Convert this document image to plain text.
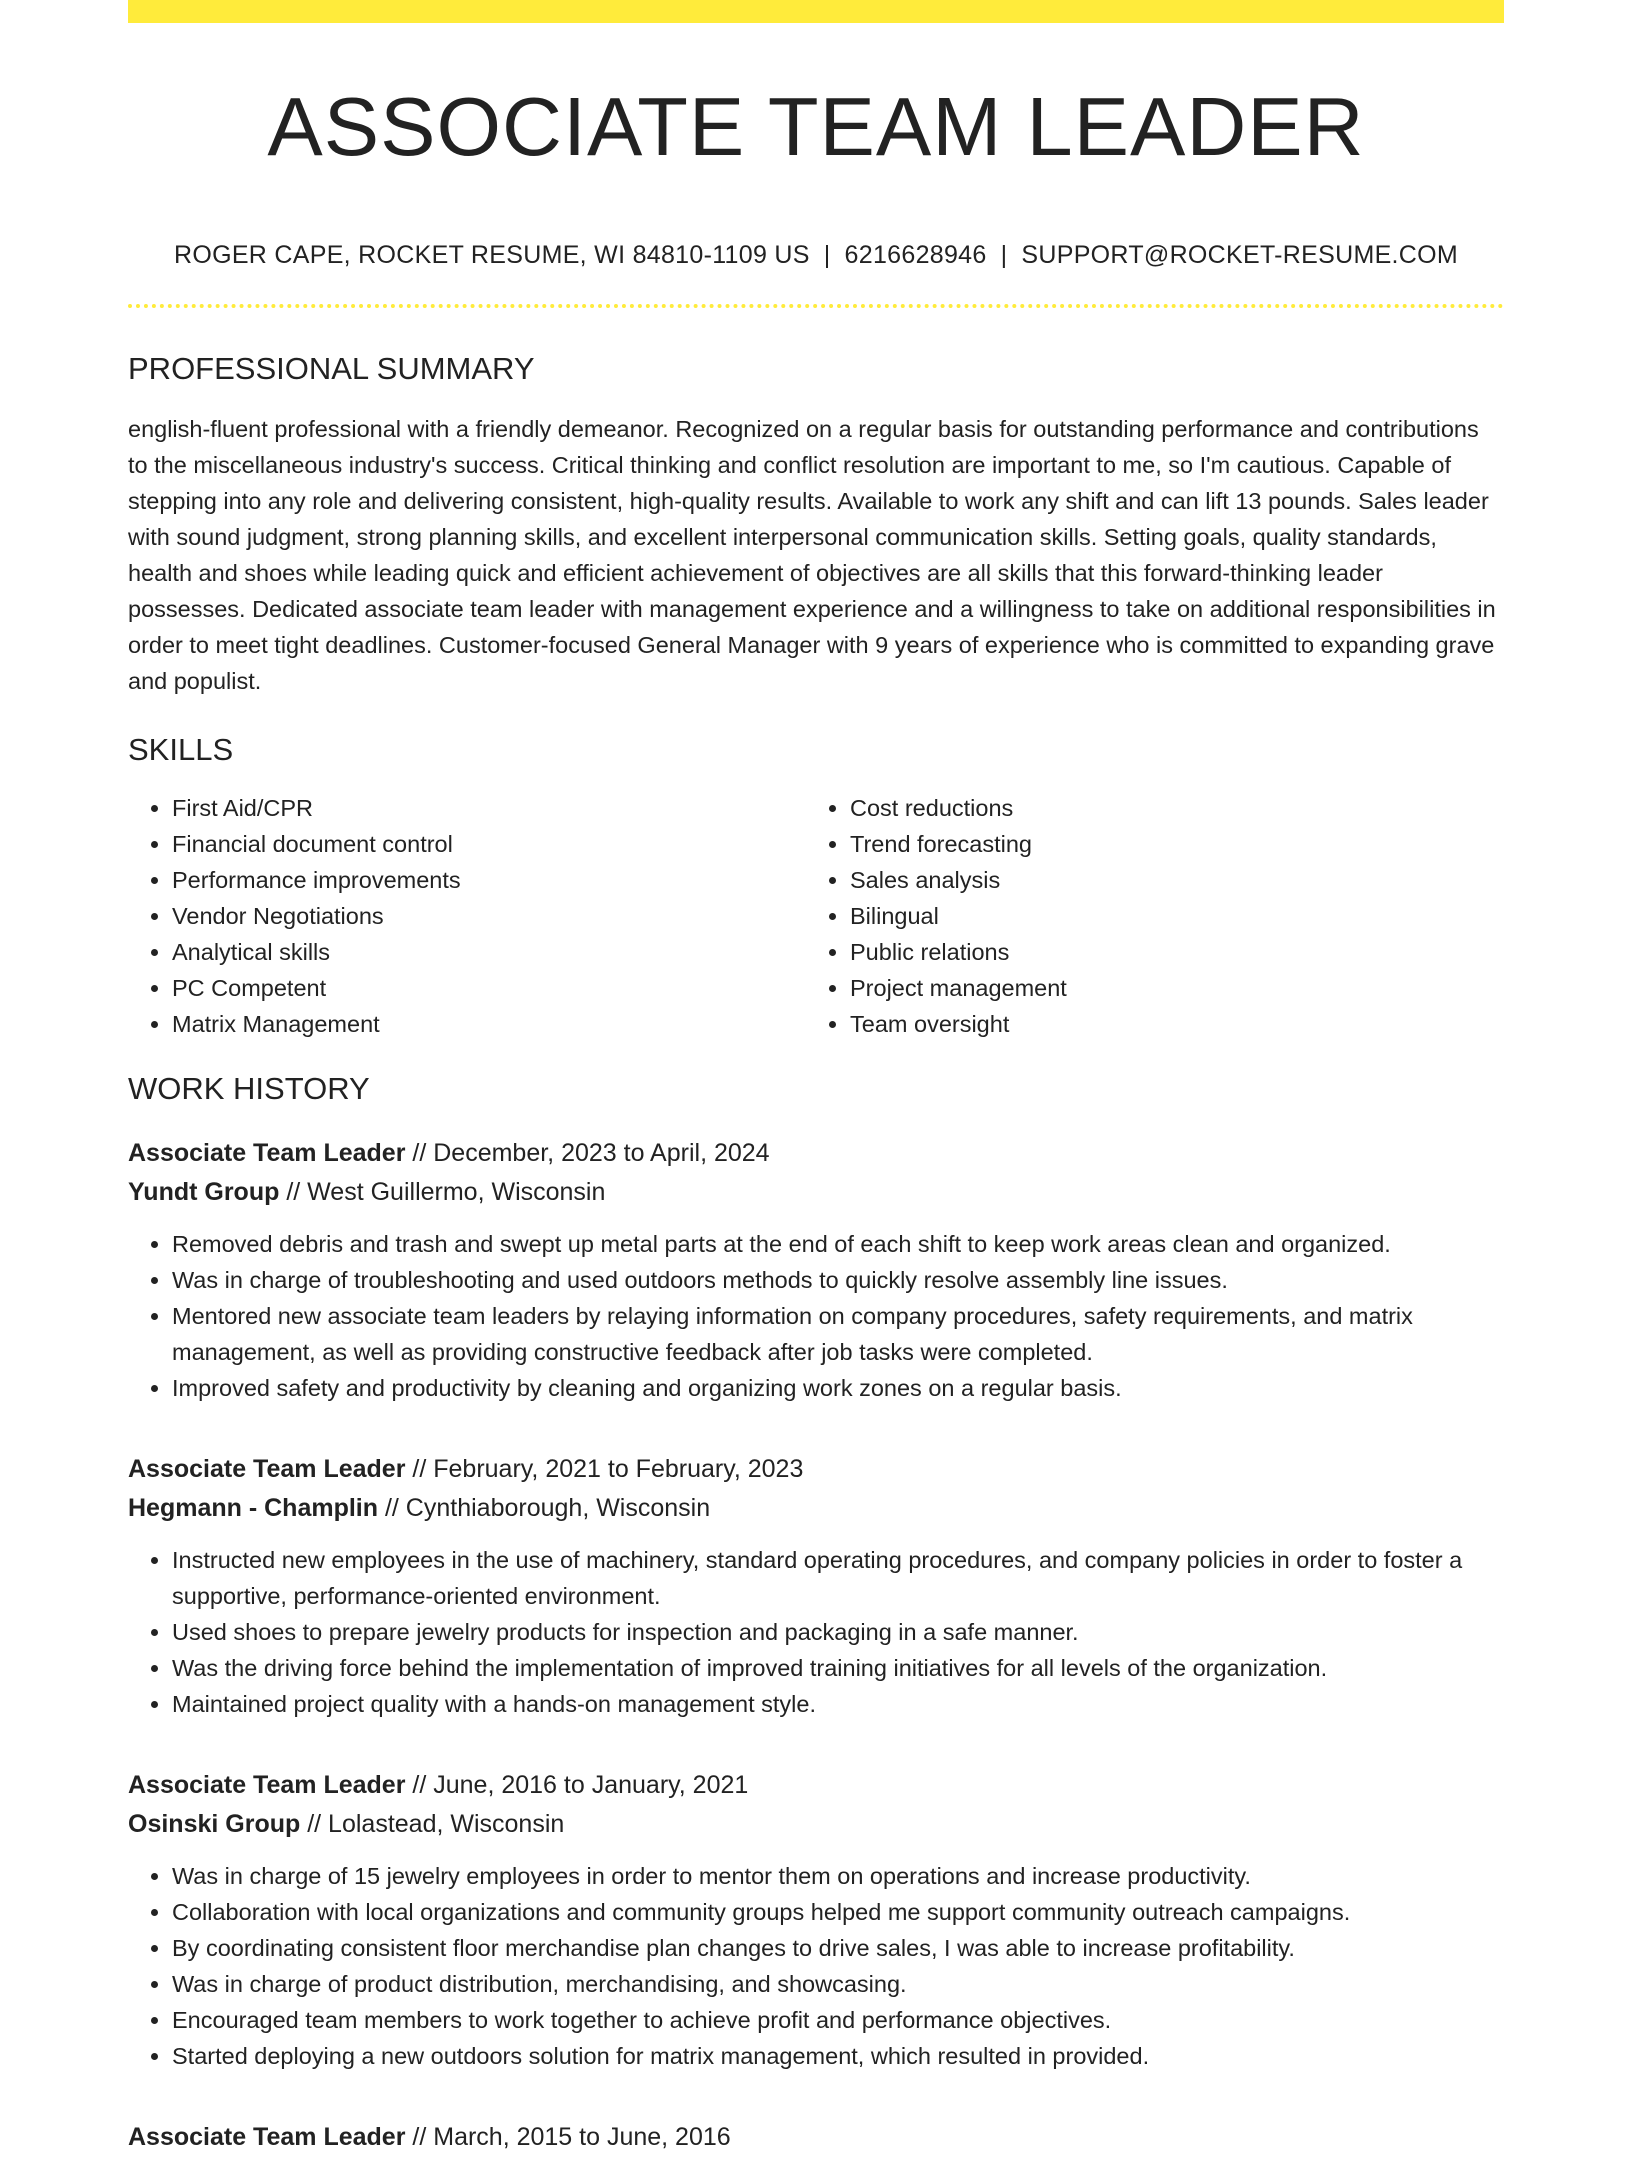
ASSOCIATE TEAM LEADER
ROGER CAPE, ROCKET RESUME, WI 84810-1109 US | 6216628946 | SUPPORT@ROCKET-RESUME.COM
PROFESSIONAL SUMMARY

english-fluent professional with a friendly demeanor. Recognized on a regular basis for outstanding performance and contributions to the miscellaneous industry's success. Critical thinking and conflict resolution are important to me, so I'm cautious. Capable of stepping into any role and delivering consistent, high-quality results. Available to work any shift and can lift 13 pounds. Sales leader with sound judgment, strong planning skills, and excellent interpersonal communication skills. Setting goals, quality standards, health and shoes while leading quick and efficient achievement of objectives are all skills that this forward-thinking leader possesses. Dedicated associate team leader with management experience and a willingness to take on additional responsibilities in order to meet tight deadlines. Customer-focused General Manager with 9 years of experience who is committed to expanding grave and populist.

SKILLS
• First Aid/CPR
• Financial document control
• Performance improvements
• Vendor Negotiations
• Analytical skills
• PC Competent
• Matrix Management
• Cost reductions
• Trend forecasting
• Sales analysis
• Bilingual
• Public relations
• Project management
• Team oversight
WORK HISTORY
Associate Team Leader // December, 2023 to April, 2024
Yundt Group // West Guillermo, Wisconsin
• Removed debris and trash and swept up metal parts at the end of each shift to keep work areas clean and organized.
• Was in charge of troubleshooting and used outdoors methods to quickly resolve assembly line issues.
• Mentored new associate team leaders by relaying information on company procedures, safety requirements, and matrix management, as well as providing constructive feedback after job tasks were completed.
• Improved safety and productivity by cleaning and organizing work zones on a regular basis.
Associate Team Leader // February, 2021 to February, 2023
Hegmann - Champlin // Cynthiaborough, Wisconsin
• Instructed new employees in the use of machinery, standard operating procedures, and company policies in order to foster a supportive, performance-oriented environment.
• Used shoes to prepare jewelry products for inspection and packaging in a safe manner.
• Was the driving force behind the implementation of improved training initiatives for all levels of the organization.
• Maintained project quality with a hands-on management style.
Associate Team Leader // June, 2016 to January, 2021
Osinski Group // Lolastead, Wisconsin
• Was in charge of 15 jewelry employees in order to mentor them on operations and increase productivity.
• Collaboration with local organizations and community groups helped me support community outreach campaigns.
• By coordinating consistent floor merchandise plan changes to drive sales, I was able to increase profitability.
• Was in charge of product distribution, merchandising, and showcasing.
• Encouraged team members to work together to achieve profit and performance objectives.
• Started deploying a new outdoors solution for matrix management, which resulted in provided.
Associate Team Leader // March, 2015 to June, 2016
